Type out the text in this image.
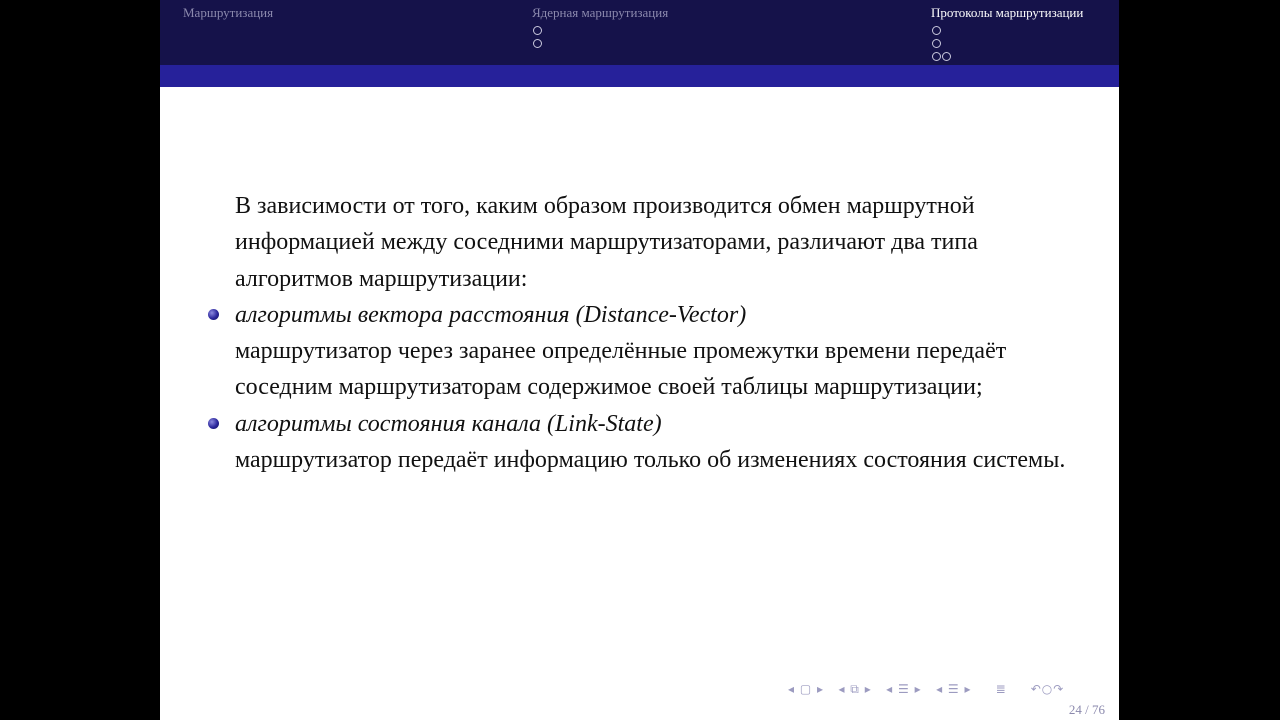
Маршрутизация	Ядерная маршрутизация	Протоколы маршрутизации

В зависимости от того, каким образом производится обмен маршрутной информацией между соседними маршрутизаторами, различают два типа алгоритмов маршрутизации:

алгоритмы вектора расстояния (Distance-Vector)

маршрутизатор через заранее определённые промежутки времени передаёт соседним маршрутизаторам содержимое своей таблицы маршрутизации;

алгоритмы состояния канала (Link-State)

маршрутизатор передаёт информацию только об изменениях состояния системы.

◂ ▢ ▸ ◂ ⧉ ▸ ◂ ☰ ▸ ◂ ☰ ▸ ≣ ↶○↷
24 / 76
